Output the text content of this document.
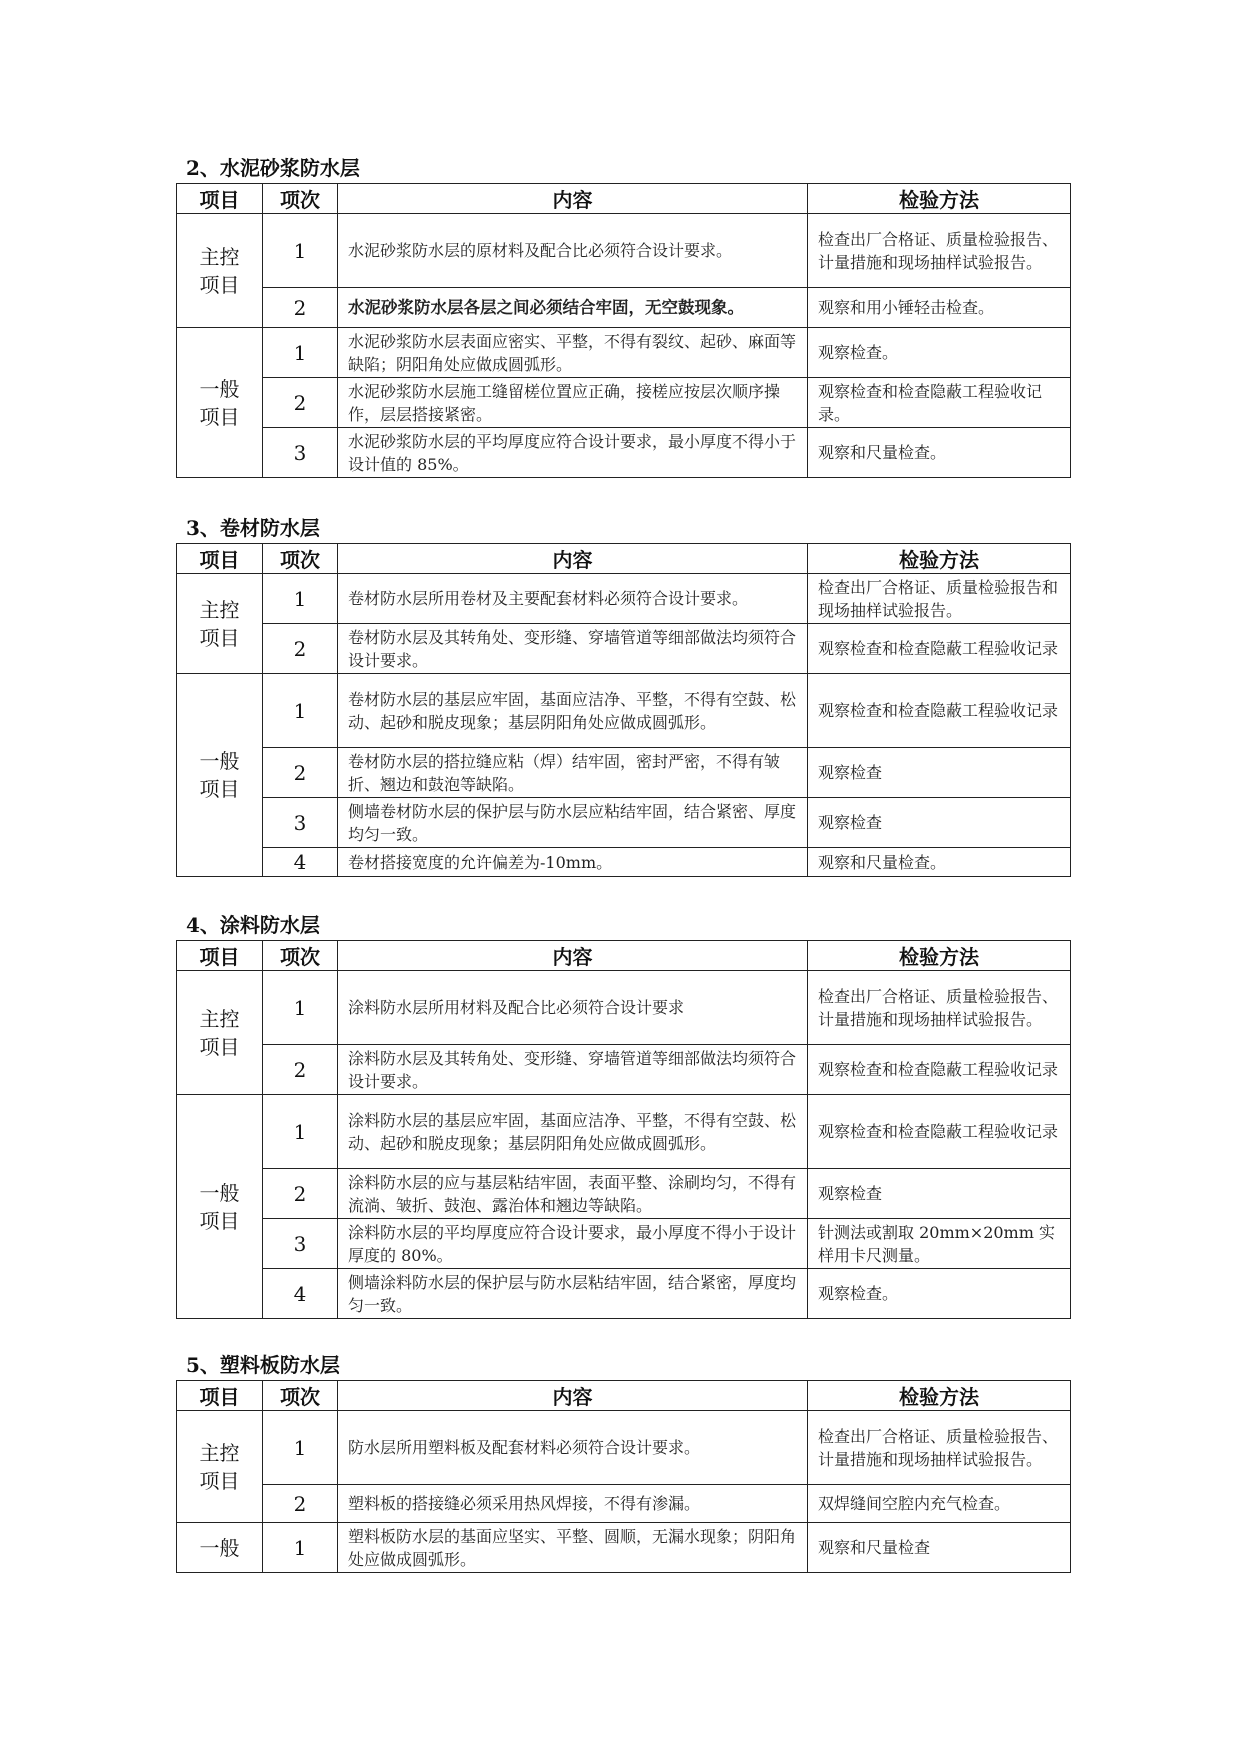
2、水泥砂浆防水层
项目	项次	内容	检验方法
主控
项目	1	水泥砂浆防水层的原材料及配合比必须符合设计要求。	检查出厂合格证、质量检验报告、计量措施和现场抽样试验报告。
	2	水泥砂浆防水层各层之间必须结合牢固，无空鼓现象。	观察和用小锤轻击检查。
一般
项目	1	水泥砂浆防水层表面应密实、平整，不得有裂纹、起砂、麻面等缺陷；阴阳角处应做成圆弧形。	观察检查。
	2	水泥砂浆防水层施工缝留槎位置应正确，接槎应按层次顺序操作，层层搭接紧密。	观察检查和检查隐蔽工程验收记录。
	3	水泥砂浆防水层的平均厚度应符合设计要求，最小厚度不得小于设计值的 85%。	观察和尺量检查。
3、卷材防水层
项目	项次	内容	检验方法
主控
项目	1	卷材防水层所用卷材及主要配套材料必须符合设计要求。	检查出厂合格证、质量检验报告和现场抽样试验报告。
	2	卷材防水层及其转角处、变形缝、穿墙管道等细部做法均须符合设计要求。	观察检查和检查隐蔽工程验收记录
一般
项目	1	卷材防水层的基层应牢固，基面应洁净、平整，不得有空鼓、松动、起砂和脱皮现象；基层阴阳角处应做成圆弧形。	观察检查和检查隐蔽工程验收记录
	2	卷材防水层的搭拉缝应粘（焊）结牢固，密封严密，不得有皱折、翘边和鼓泡等缺陷。	观察检查
	3	侧墙卷材防水层的保护层与防水层应粘结牢固，结合紧密、厚度均匀一致。	观察检查
	4	卷材搭接宽度的允许偏差为-10mm。	观察和尺量检查。
4、涂料防水层
项目	项次	内容	检验方法
主控
项目	1	涂料防水层所用材料及配合比必须符合设计要求	检查出厂合格证、质量检验报告、计量措施和现场抽样试验报告。
	2	涂料防水层及其转角处、变形缝、穿墙管道等细部做法均须符合设计要求。	观察检查和检查隐蔽工程验收记录
一般
项目	1	涂料防水层的基层应牢固，基面应洁净、平整，不得有空鼓、松动、起砂和脱皮现象；基层阴阳角处应做成圆弧形。	观察检查和检查隐蔽工程验收记录
	2	涂料防水层的应与基层粘结牢固，表面平整、涂刷均匀，不得有流淌、皱折、鼓泡、露治体和翘边等缺陷。	观察检查
	3	涂料防水层的平均厚度应符合设计要求，最小厚度不得小于设计厚度的 80%。	针测法或割取 20mm×20mm 实样用卡尺测量。
	4	侧墙涂料防水层的保护层与防水层粘结牢固，结合紧密，厚度均匀一致。	观察检查。
5、塑料板防水层
项目	项次	内容	检验方法
主控
项目	1	防水层所用塑料板及配套材料必须符合设计要求。	检查出厂合格证、质量检验报告、计量措施和现场抽样试验报告。
	2	塑料板的搭接缝必须采用热风焊接，不得有渗漏。	双焊缝间空腔内充气检查。
一般	1	塑料板防水层的基面应坚实、平整、圆顺，无漏水现象；阴阳角处应做成圆弧形。	观察和尺量检查
